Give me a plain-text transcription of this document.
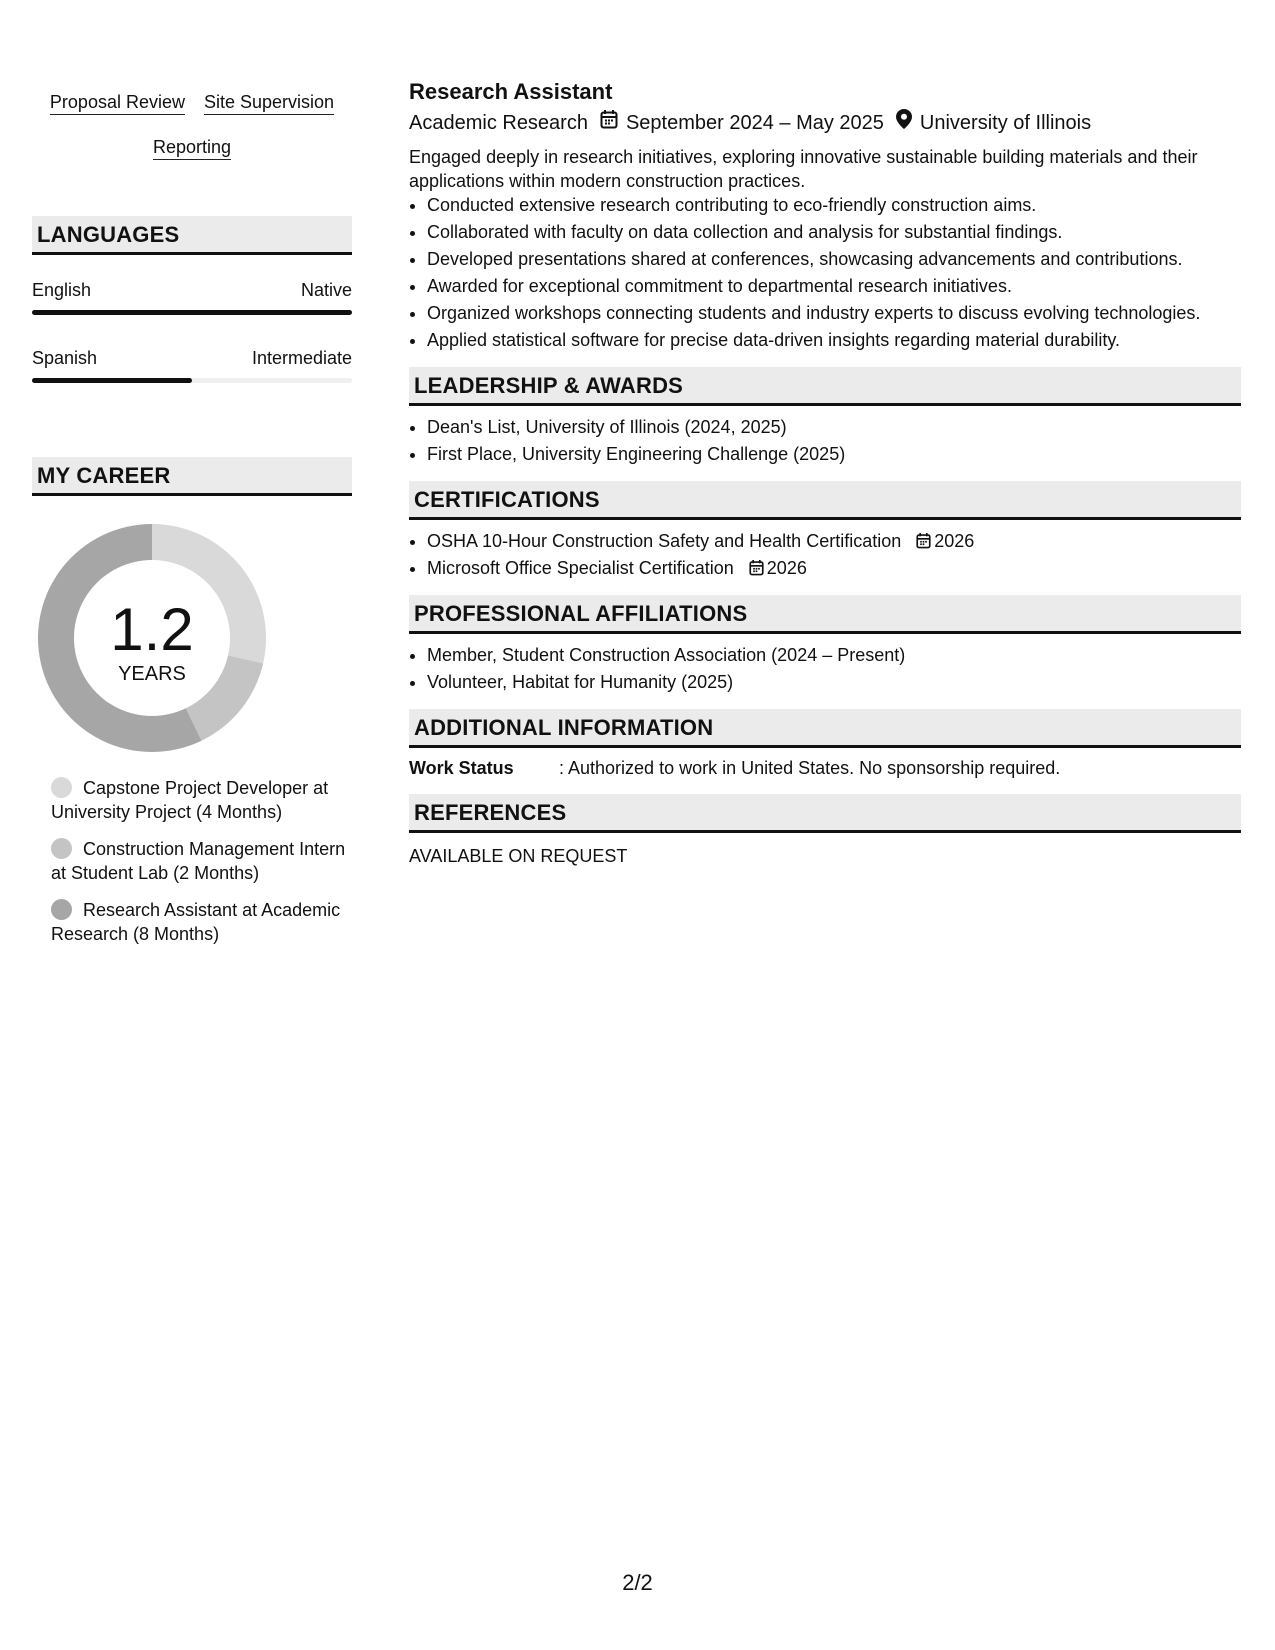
Proposal Review Site Supervision
Reporting
LANGUAGES
English	Native
Spanish	Intermediate
MY CAREER
1.2
YEARS
Capstone Project Developer at University Project (4 Months)
Construction Management Intern at Student Lab (2 Months)
Research Assistant at Academic Research (8 Months)
Research Assistant
Academic Research September 2024 – May 2025 University of Illinois
Engaged deeply in research initiatives, exploring innovative sustainable building materials and their applications within modern construction practices.
• Conducted extensive research contributing to eco-friendly construction aims.
• Collaborated with faculty on data collection and analysis for substantial findings.
• Developed presentations shared at conferences, showcasing advancements and contributions.
• Awarded for exceptional commitment to departmental research initiatives.
• Organized workshops connecting students and industry experts to discuss evolving technologies.
• Applied statistical software for precise data-driven insights regarding material durability.
LEADERSHIP & AWARDS
• Dean's List, University of Illinois (2024, 2025)
• First Place, University Engineering Challenge (2025)
CERTIFICATIONS
• OSHA 10-Hour Construction Safety and Health Certification 2026
• Microsoft Office Specialist Certification 2026
PROFESSIONAL AFFILIATIONS
• Member, Student Construction Association (2024 – Present)
• Volunteer, Habitat for Humanity (2025)
ADDITIONAL INFORMATION
Work Status	: Authorized to work in United States. No sponsorship required.
REFERENCES
AVAILABLE ON REQUEST
2/2
